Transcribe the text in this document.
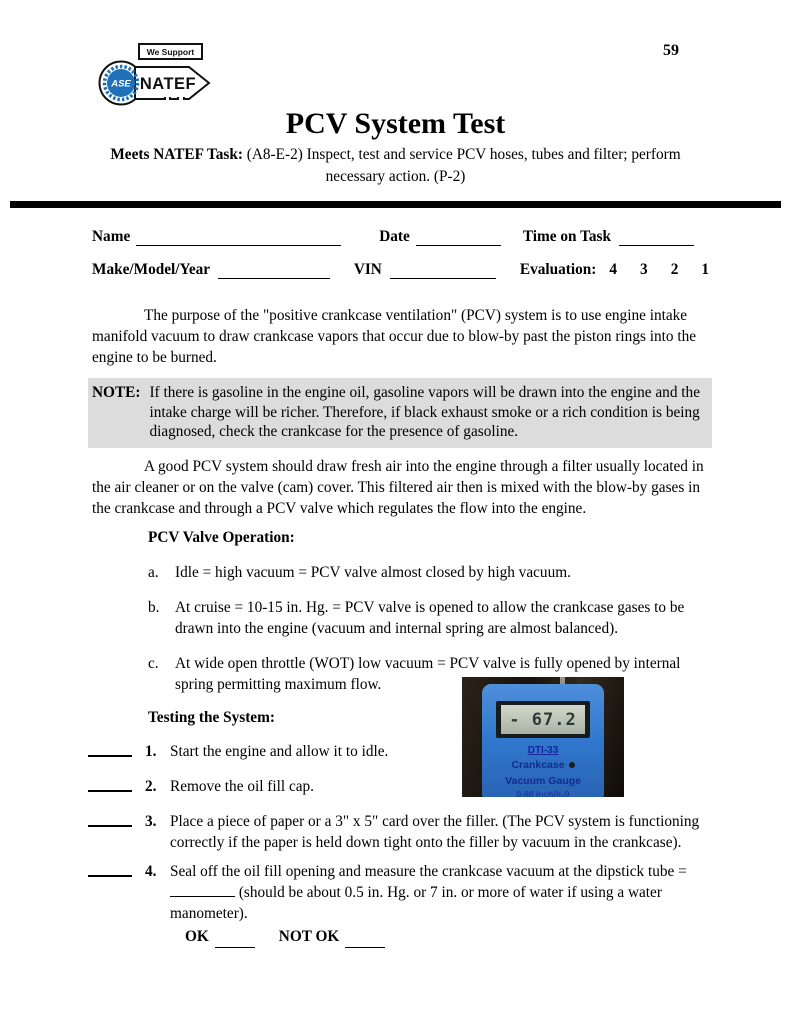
59
ASE
We Support
NATEF
PCV System Test
Meets NATEF Task: (A8-E-2) Inspect, test and service PCV hoses, tubes and filter; perform
necessary action. (P-2)
Name	Date	Time on Task
Make/Model/Year	VIN	Evaluation: 4 3 2 1

The purpose of the "positive crankcase ventilation" (PCV) system is to use engine intake manifold vacuum to draw crankcase vapors that occur due to blow-by past the piston rings into the engine to be burned.

NOTE: If there is gasoline in the engine oil, gasoline vapors will be drawn into the engine and the intake charge will be richer. Therefore, if black exhaust smoke or a rich condition is being diagnosed, check the crankcase for the presence of gasoline.

A good PCV system should draw fresh air into the engine through a filter usually located in the air cleaner or on the valve (cam) cover. This filtered air then is mixed with the blow-by gases in the crankcase and through a PCV valve which regulates the flow into the engine.

PCV Valve Operation:
a.	Idle = high vacuum = PCV valve almost closed by high vacuum.
b.	At cruise = 10-15 in. Hg. = PCV valve is opened to allow the crankcase gases to be drawn into the engine (vacuum and internal spring are almost balanced).
c.	At wide open throttle (WOT) low vacuum = PCV valve is fully opened by internal spring permitting maximum flow.
Testing the System:
1. Start the engine and allow it to idle.
2. Remove the oil fill cap.
3. Place a piece of paper or a 3" x 5" card over the filler. (The PCV system is functioning correctly if the paper is held down tight onto the filler by vacuum in the crankcase).
4. Seal off the oil fill opening and measure the crankcase vacuum at the dipstick tube =  (should be about 0.5 in. Hg. or 7 in. or more of water if using a water manometer).
OK	NOT OK
- 67.2
DTI-33
Crankcase
Vacuum Gauge
0-60 Inch/h₂0
